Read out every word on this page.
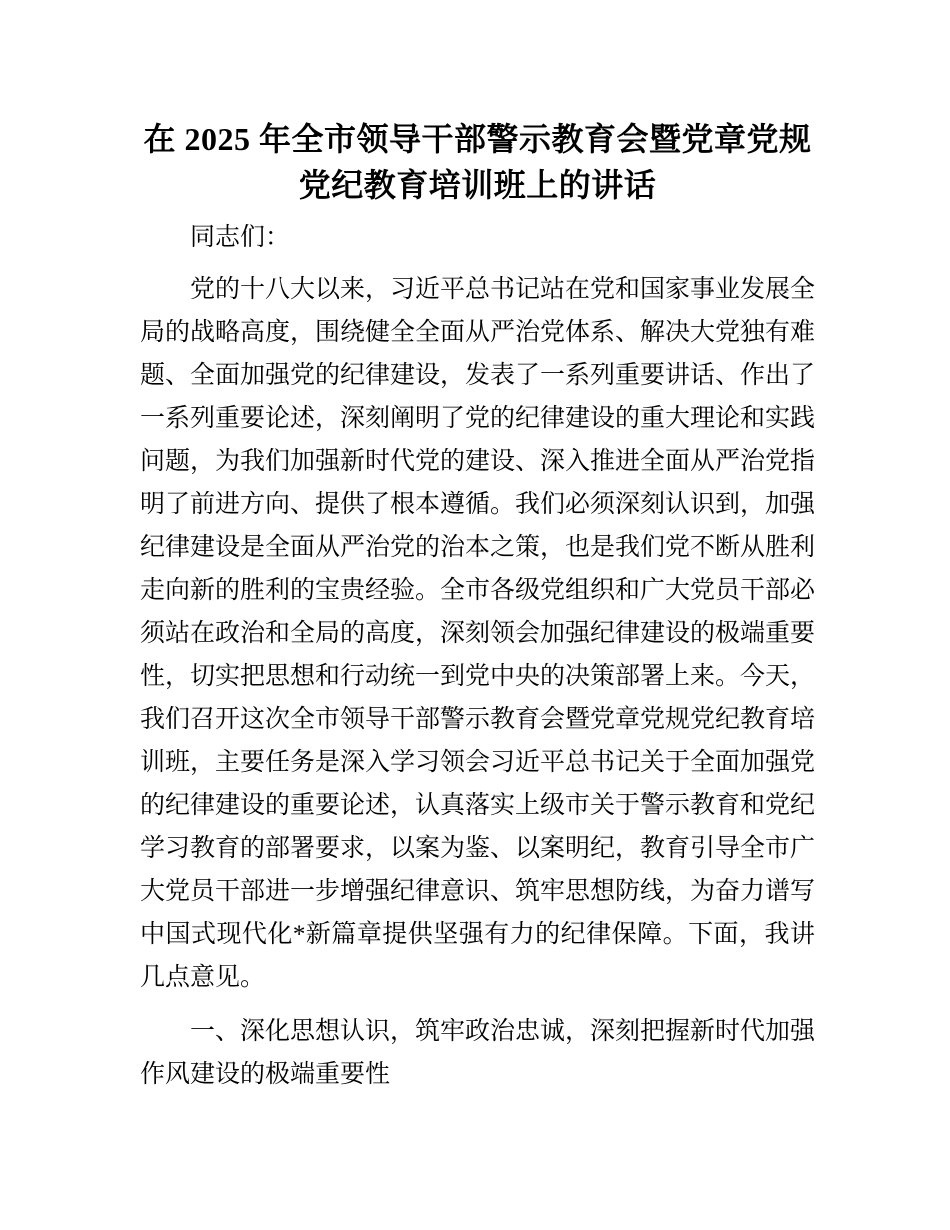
在 2025 年全市领导干部警示教育会暨党章党规
党纪教育培训班上的讲话

同志们：

党的十八大以来，习近平总书记站在党和国家事业发展全局的战略高度，围绕健全全面从严治党体系、解决大党独有难题、全面加强党的纪律建设，发表了一系列重要讲话、作出了一系列重要论述，深刻阐明了党的纪律建设的重大理论和实践问题，为我们加强新时代党的建设、深入推进全面从严治党指明了前进方向、提供了根本遵循。我们必须深刻认识到，加强纪律建设是全面从严治党的治本之策，也是我们党不断从胜利走向新的胜利的宝贵经验。全市各级党组织和广大党员干部必须站在政治和全局的高度，深刻领会加强纪律建设的极端重要性，切实把思想和行动统一到党中央的决策部署上来。今天，我们召开这次全市领导干部警示教育会暨党章党规党纪教育培训班，主要任务是深入学习领会习近平总书记关于全面加强党的纪律建设的重要论述，认真落实上级市关于警示教育和党纪学习教育的部署要求，以案为鉴、以案明纪，教育引导全市广大党员干部进一步增强纪律意识、筑牢思想防线，为奋力谱写中国式现代化*新篇章提供坚强有力的纪律保障。下面，我讲几点意见。

一、深化思想认识，筑牢政治忠诚，深刻把握新时代加强作风建设的极端重要性
